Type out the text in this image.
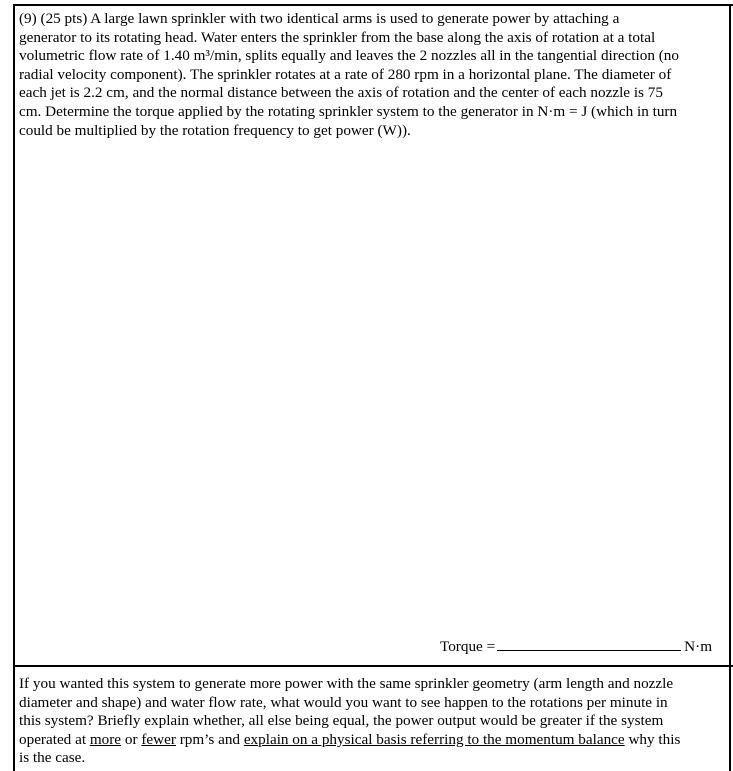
(9) (25 pts) A large lawn sprinkler with two identical arms is used to generate power by attaching a
generator to its rotating head. Water enters the sprinkler from the base along the axis of rotation at a total
volumetric flow rate of 1.40 m³/min, splits equally and leaves the 2 nozzles all in the tangential direction (no
radial velocity component). The sprinkler rotates at a rate of 280 rpm in a horizontal plane. The diameter of
each jet is 2.2 cm, and the normal distance between the axis of rotation and the center of each nozzle is 75
cm. Determine the torque applied by the rotating sprinkler system to the generator in N·m = J (which in turn
could be multiplied by the rotation frequency to get power (W)).
Torque =	N·m
If you wanted this system to generate more power with the same sprinkler geometry (arm length and nozzle
diameter and shape) and water flow rate, what would you want to see happen to the rotations per minute in
this system? Briefly explain whether, all else being equal, the power output would be greater if the system
operated at more or fewer rpm’s and explain on a physical basis referring to the momentum balance why this
is the case.
